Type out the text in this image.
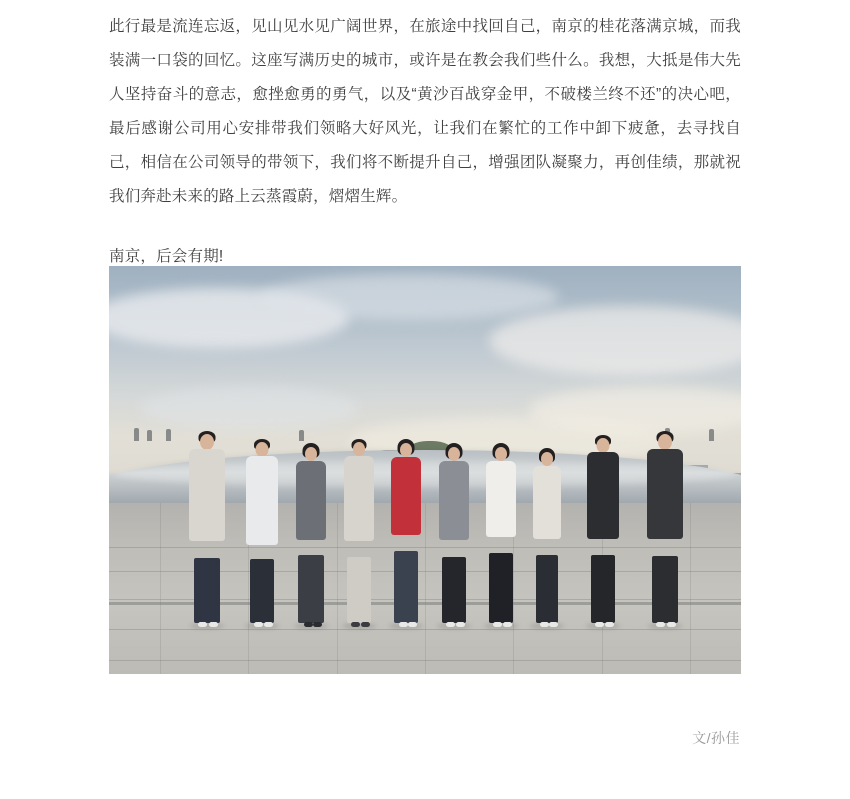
此行最是流连忘返，见山见水见广阔世界，在旅途中找回自己，南京的桂花落满京城，而我装满一口袋的回忆。这座写满历史的城市，或许是在教会我们些什么。我想，大抵是伟大先人坚持奋斗的意志，愈挫愈勇的勇气，以及“黄沙百战穿金甲，不破楼兰终不还”的决心吧，最后感谢公司用心安排带我们领略大好风光，让我们在繁忙的工作中卸下疲惫，去寻找自己，相信在公司领导的带领下，我们将不断提升自己，增强团队凝聚力，再创佳绩，那就祝我们奔赴未来的路上云蒸霞蔚，熠熠生辉。

南京，后会有期!

文/孙佳
